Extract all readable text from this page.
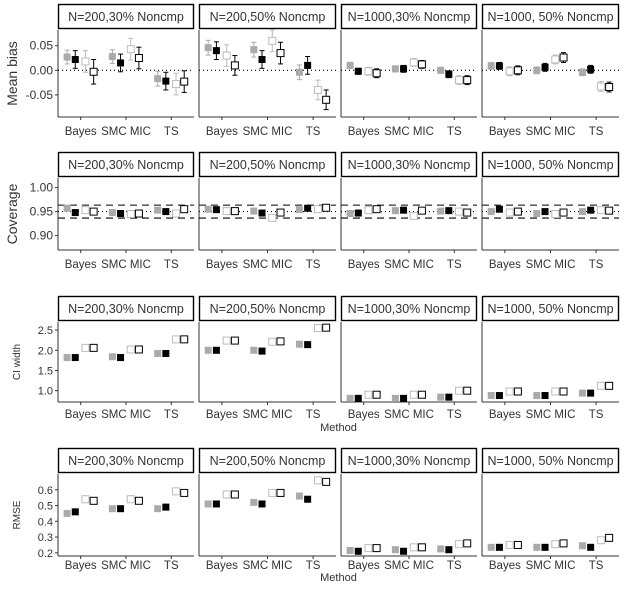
Mean bias 0.05
0.00
-0.05
N=200,30% Noncmp
Bayes SMC MIC TS
N=200,50% Noncmp
Bayes SMC MIC TS
N=1000,30% Noncmp
Bayes SMC MIC TS
N=1000, 50% Noncmp
Bayes SMC MIC TS
Coverage 1.00
0.95
0.90
N=200,30% Noncmp
Bayes SMC MIC TS
N=200,50% Noncmp
Bayes SMC MIC TS
N=1000,30% Noncmp
Bayes SMC MIC TS
N=1000, 50% Noncmp
Bayes SMC MIC TS
CI width
Method
2.5
2.0
1.5
1.0
N=200,30% Noncmp
Bayes SMC MIC TS
N=200,50% Noncmp
Bayes SMC MIC TS
N=1000,30% Noncmp
Bayes SMC MIC TS
N=1000, 50% Noncmp
Bayes SMC MIC TS
RMSE
Method
0.6
0.5
0.4
0.3
0.2
N=200,30% Noncmp
Bayes SMC MIC TS
N=200,50% Noncmp
Bayes SMC MIC TS
N=1000,30% Noncmp
Bayes SMC MIC TS
N=1000, 50% Noncmp
Bayes SMC MIC TS
